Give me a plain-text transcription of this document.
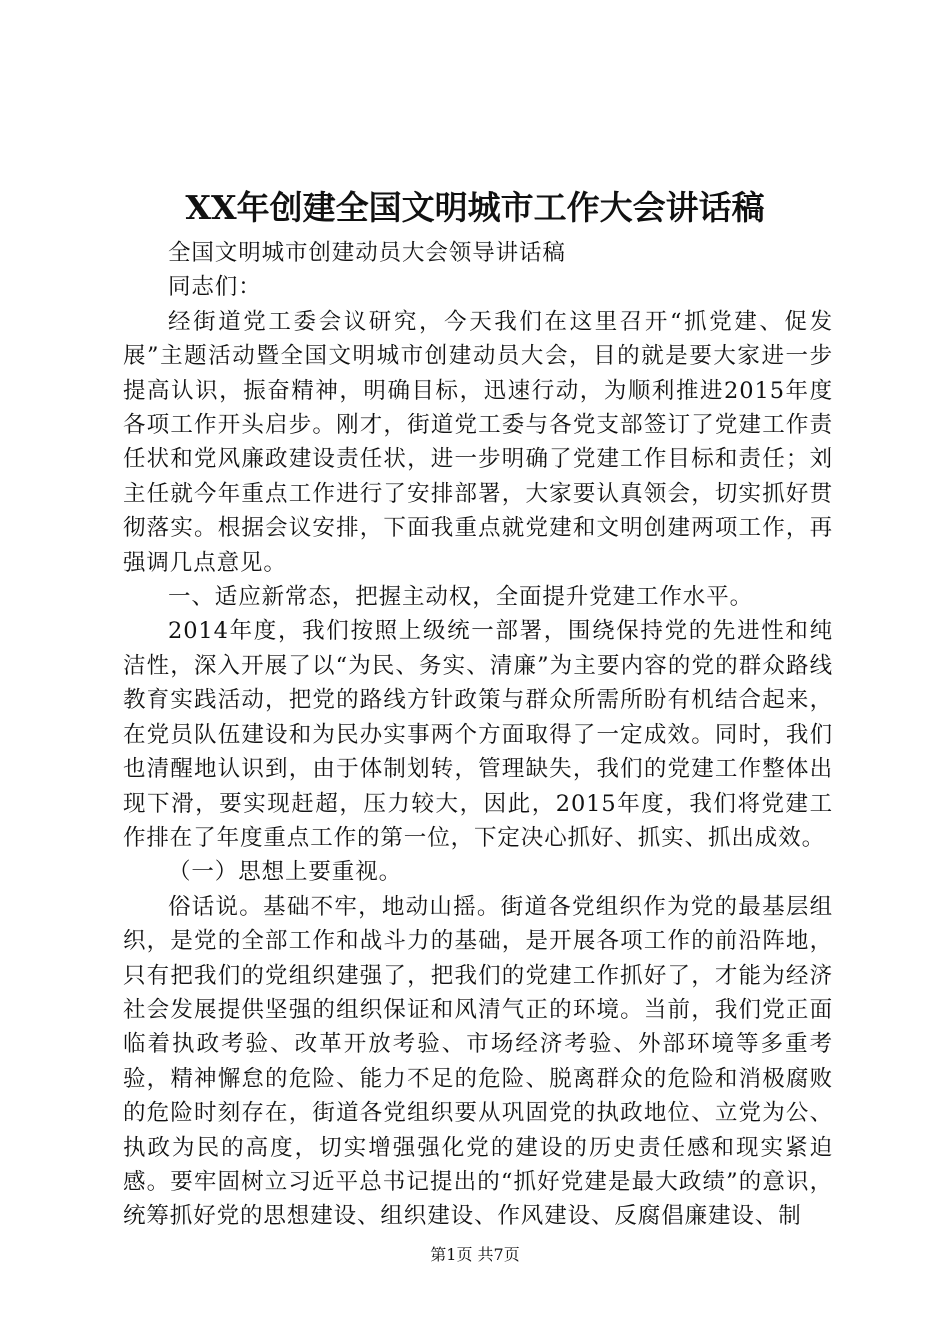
XX年创建全国文明城市工作大会讲话稿

全国文明城市创建动员大会领导讲话稿

同志们：

经街道党工委会议研究，今天我们在这里召开“抓党建、促发展”主题活动暨全国文明城市创建动员大会，目的就是要大家进一步提高认识，振奋精神，明确目标，迅速行动，为顺利推进2015年度各项工作开头启步。刚才，街道党工委与各党支部签订了党建工作责任状和党风廉政建设责任状，进一步明确了党建工作目标和责任；刘主任就今年重点工作进行了安排部署，大家要认真领会，切实抓好贯彻落实。根据会议安排，下面我重点就党建和文明创建两项工作，再强调几点意见。

一、适应新常态，把握主动权，全面提升党建工作水平。

2014年度，我们按照上级统一部署，围绕保持党的先进性和纯洁性，深入开展了以“为民、务实、清廉”为主要内容的党的群众路线教育实践活动，把党的路线方针政策与群众所需所盼有机结合起来，在党员队伍建设和为民办实事两个方面取得了一定成效。同时，我们也清醒地认识到，由于体制划转，管理缺失，我们的党建工作整体出现下滑，要实现赶超，压力较大，因此，2015年度，我们将党建工作排在了年度重点工作的第一位，下定决心抓好、抓实、抓出成效。

（一）思想上要重视。

俗话说。基础不牢，地动山摇。街道各党组织作为党的最基层组织，是党的全部工作和战斗力的基础，是开展各项工作的前沿阵地，只有把我们的党组织建强了，把我们的党建工作抓好了，才能为经济社会发展提供坚强的组织保证和风清气正的环境。当前，我们党正面临着执政考验、改革开放考验、市场经济考验、外部环境等多重考验，精神懈怠的危险、能力不足的危险、脱离群众的危险和消极腐败的危险时刻存在，街道各党组织要从巩固党的执政地位、立党为公、执政为民的高度，切实增强强化党的建设的历史责任感和现实紧迫感。要牢固树立习近平总书记提出的“抓好党建是最大政绩”的意识，统筹抓好党的思想建设、组织建设、作风建设、反腐倡廉建设、制

第1页 共7页
